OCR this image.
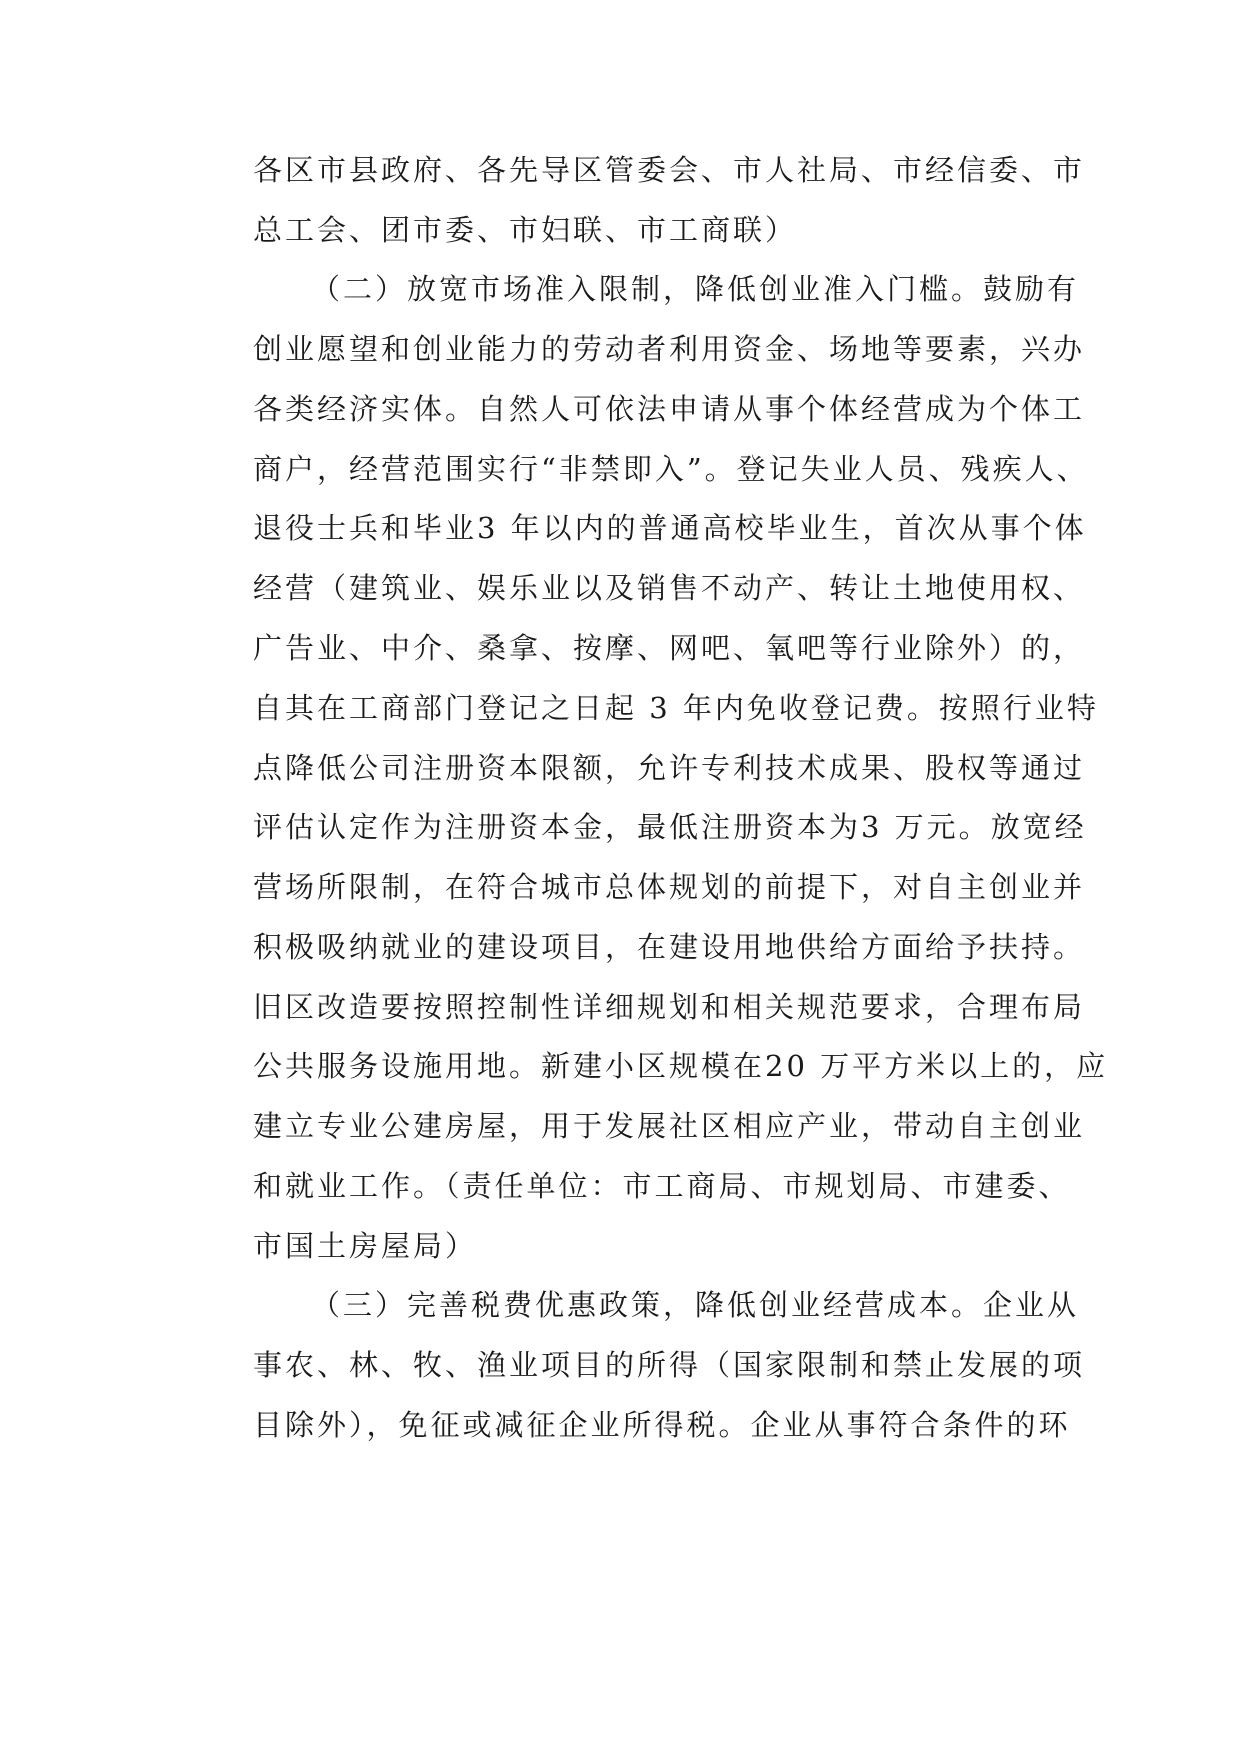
各区市县政府、各先导区管委会、市人社局、市经信委、市
总工会、团市委、市妇联、市工商联）
（二）放宽市场准入限制，降低创业准入门槛。鼓励有
创业愿望和创业能力的劳动者利用资金、场地等要素，兴办
各类经济实体。自然人可依法申请从事个体经营成为个体工
商户，经营范围实行“非禁即入”。登记失业人员、残疾人、
退役士兵和毕业3 年以内的普通高校毕业生，首次从事个体
经营（建筑业、娱乐业以及销售不动产、转让土地使用权、
广告业、中介、桑拿、按摩、网吧、氧吧等行业除外）的，
自其在工商部门登记之日起 3 年内免收登记费。按照行业特
点降低公司注册资本限额，允许专利技术成果、股权等通过
评估认定作为注册资本金，最低注册资本为3 万元。放宽经
营场所限制，在符合城市总体规划的前提下，对自主创业并
积极吸纳就业的建设项目，在建设用地供给方面给予扶持。
旧区改造要按照控制性详细规划和相关规范要求，合理布局
公共服务设施用地。新建小区规模在20 万平方米以上的，应
建立专业公建房屋，用于发展社区相应产业，带动自主创业
和就业工作。（责任单位：市工商局、市规划局、市建委、
市国土房屋局）
（三）完善税费优惠政策，降低创业经营成本。企业从
事农、林、牧、渔业项目的所得（国家限制和禁止发展的项
目除外），免征或减征企业所得税。企业从事符合条件的环
